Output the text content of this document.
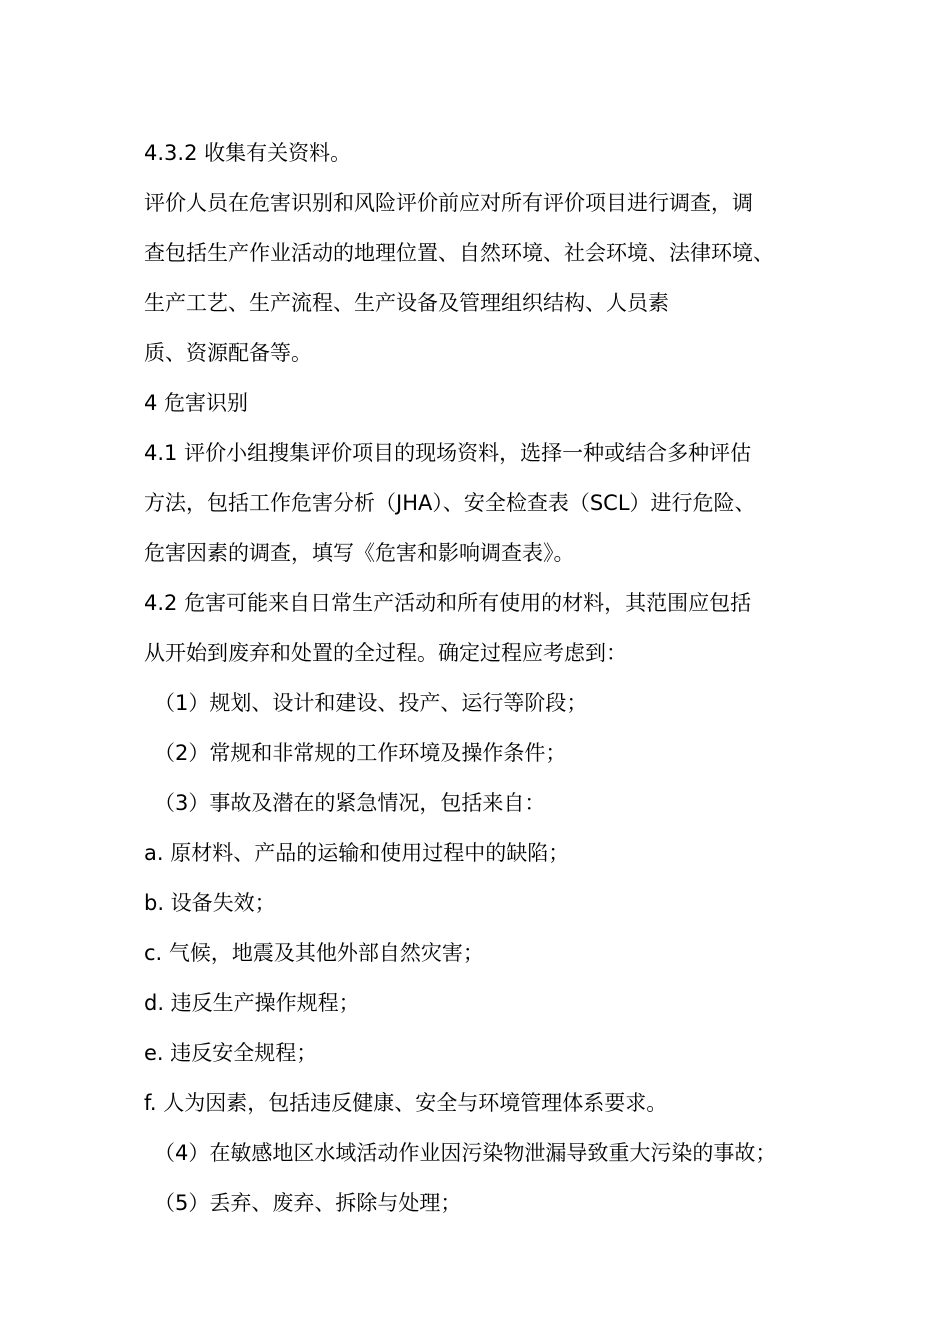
4.3.2 收集有关资料。
评价人员在危害识别和风险评价前应对所有评价项目进行调查，调
查包括生产作业活动的地理位置、自然环境、社会环境、法律环境、
生产工艺、生产流程、生产设备及管理组织结构、人员素
质、资源配备等。
4 危害识别
4.1 评价小组搜集评价项目的现场资料，选择一种或结合多种评估
方法，包括工作危害分析（JHA）、安全检查表（SCL）进行危险、
危害因素的调查，填写《危害和影响调查表》。
4.2 危害可能来自日常生产活动和所有使用的材料，其范围应包括
从开始到废弃和处置的全过程。确定过程应考虑到：
（1）规划、设计和建设、投产、运行等阶段；
（2）常规和非常规的工作环境及操作条件；
（3）事故及潜在的紧急情况，包括来自：
a. 原材料、产品的运输和使用过程中的缺陷；
b. 设备失效；
c. 气候，地震及其他外部自然灾害；
d. 违反生产操作规程；
e. 违反安全规程；
f. 人为因素，包括违反健康、安全与环境管理体系要求。
（4）在敏感地区水域活动作业因污染物泄漏导致重大污染的事故；
（5）丢弃、废弃、拆除与处理；
